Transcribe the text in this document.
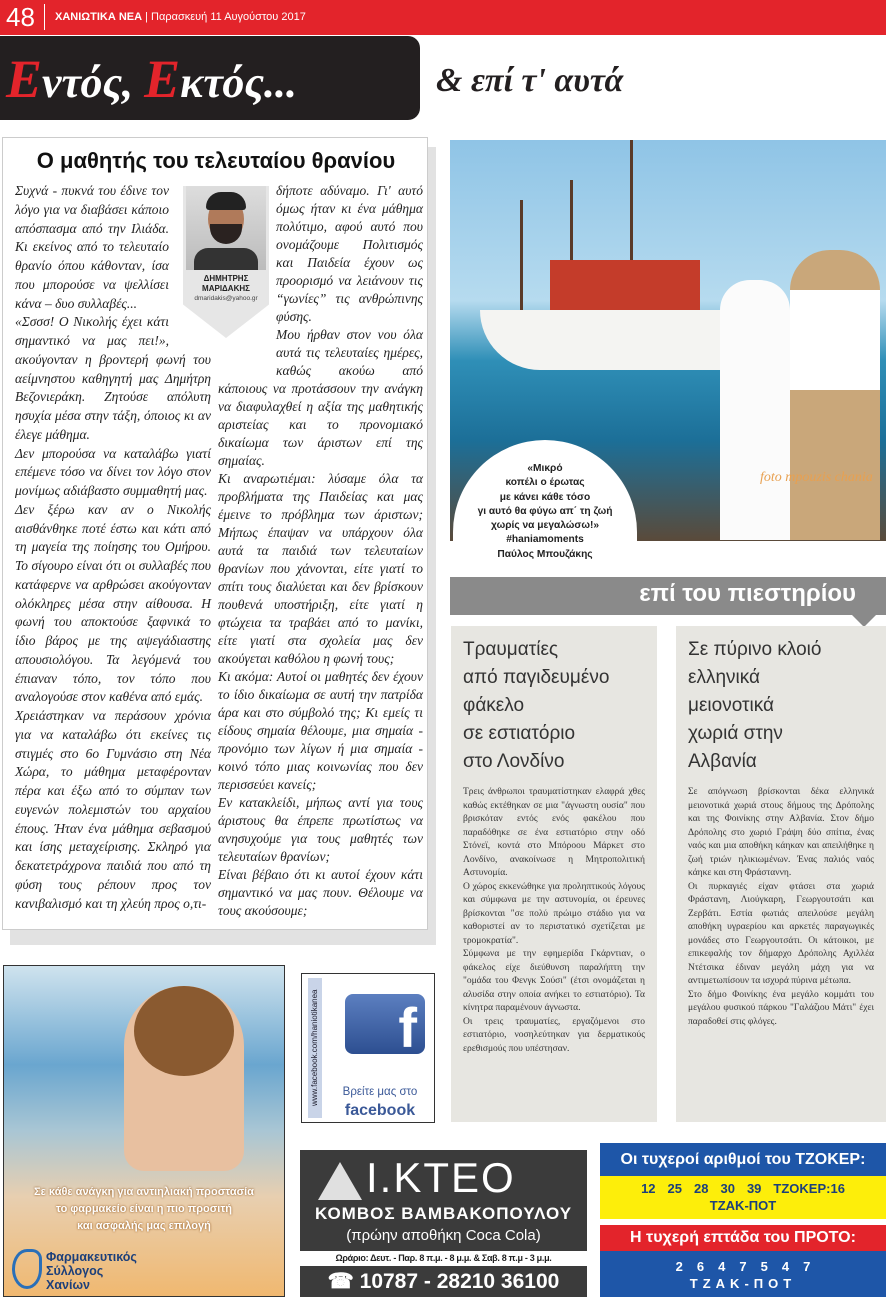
48 ΧΑΝΙΩΤΙΚΑ ΝΕΑ | Παρασκευή 11 Αυγούστου 2017
Εντός, Εκτός...	& επί τ' αυτά
Ο μαθητής του τελευταίου θρανίου
ΔΗΜΗΤΡΗΣ ΜΑΡΙΔΑΚΗΣ
dmaridakis@yahoo.gr

Συχνά - πυκνά του έδινε τον λόγο για να διαβάσει κάποιο απόσπασμα από την Ιλιάδα. Κι εκείνος από το τελευταίο θρανίο όπου κάθονταν, ίσα που μπορούσε να ψελλίσει κάνα – δυο συλλαβές...

«Σσσσ! Ο Νικολής έχει κάτι σημαντικό να μας πει!», ακούγονταν η βροντερή φωνή του αείμνηστου καθηγητή μας Δημήτρη Βεζονιεράκη. Ζητούσε απόλυτη ησυχία μέσα στην τάξη, όποιος κι αν έλεγε μάθημα.

Δεν μπορούσα να καταλάβω γιατί επέμενε τόσο να δίνει τον λόγο στον μονίμως αδιάβαστο συμμαθητή μας.

Δεν ξέρω καν αν ο Νικολής αισθάνθηκε ποτέ έστω και κάτι από τη μαγεία της ποίησης του Ομήρου. Το σίγουρο είναι ότι οι συλλαβές που κατάφερνε να αρθρώσει ακούγονταν ολόκληρες μέσα στην αίθουσα. Η φωνή του αποκτούσε ξαφνικά το ίδιο βάρος με της αψεγάδιαστης απουσιολόγου. Τα λεγόμενά του έπιαναν τόπο, τον τόπο που αναλογούσε στον καθένα από εμάς.

Χρειάστηκαν να περάσουν χρόνια για να καταλάβω ότι εκείνες τις στιγμές στο 6ο Γυμνάσιο στη Νέα Χώρα, το μάθημα μεταφέρονταν πέρα και έξω από το σύμπαν των ευγενών πολεμιστών του αρχαίου έπους. Ήταν ένα μάθημα σεβασμού και ίσης μεταχείρισης. Σκληρό για δεκατετράχρονα παιδιά που από τη φύση τους ρέπουν προς τον κανιβαλισμό και τη χλεύη προς ο,τι-

δήποτε αδύναμο. Γι' αυτό όμως ήταν κι ένα μάθημα πολύτιμο, αφού αυτό που ονομάζουμε Πολιτισμός και Παιδεία έχουν ως προορισμό να λειάνουν τις “γωνίες” τις ανθρώπινης φύσης.

Μου ήρθαν στον νου όλα αυτά τις τελευταίες ημέρες, καθώς ακούω από κάποιους να προτάσσουν την ανάγκη να διαφυλαχθεί η αξία της μαθητικής αριστείας και το προνομιακό δικαίωμα των άριστων επί της σημαίας.

Κι αναρωτιέμαι: λύσαμε όλα τα προβλήματα της Παιδείας και μας έμεινε το πρόβλημα των άριστων; Μήπως έπαψαν να υπάρχουν όλα αυτά τα παιδιά των τελευταίων θρανίων που χάνονται, είτε γιατί το σπίτι τους διαλύεται και δεν βρίσκουν πουθενά υποστήριξη, είτε γιατί η φτώχεια τα τραβάει από το μανίκι, είτε γιατί στα σχολεία μας δεν ακούγεται καθόλου η φωνή τους;

Κι ακόμα: Αυτοί οι μαθητές δεν έχουν το ίδιο δικαίωμα σε αυτή την πατρίδα άρα και στο σύμβολό της; Κι εμείς τι είδους σημαία θέλουμε, μια σημαία - προνόμιο των λίγων ή μια σημαία - κοινό τόπο μιας κοινωνίας που δεν περισσεύει κανείς;

Εν κατακλείδι, μήπως αντί για τους άριστους θα έπρεπε πρωτίστως να ανησυχούμε για τους μαθητές των τελευταίων θρανίων;

Είναι βέβαιο ότι κι αυτοί έχουν κάτι σημαντικό να μας πουν. Θέλουμε να τους ακούσουμε;

foto mpouzis chania
«Μικρό
κοπέλι ο έρωτας
με κάνει κάθε τόσο
γι αυτό θα φύγω απ΄ τη ζωή
χωρίς να μεγαλώσω!»
#haniamoments
Παύλος Μπουζάκης
επί του πιεστηρίου
Τραυματίες
από παγιδευμένο
φάκελο
σε εστιατόριο
στο Λονδίνο

Τρεις άνθρωποι τραυματίστηκαν ελαφρά χθες καθώς εκτέθηκαν σε μια "άγνωστη ουσία" που βρισκόταν εντός ενός φακέλου που παραδόθηκε σε ένα εστιατόριο στην οδό Στόνεϊ, κοντά στο Μπόρoου Μάρκετ στο Λονδίνο, ανακοίνωσε η Μητροπολιτική Αστυνομία.

Ο χώρος εκκενώθηκε για προληπτικούς λόγους και σύμφωνα με την αστυνομία, οι έρευνες βρίσκονται "σε πολύ πρώιμο στάδιο για να καθοριστεί αν το περιστατικό σχετίζεται με τρομοκρατία".

Σύμφωνα με την εφημερίδα Γκάρντιαν, ο φάκελος είχε διεύθυνση παραλήπτη την "ομάδα του Φενγκ Σούσι" (έτσι ονομάζεται η αλυσίδα στην οποία ανήκει το εστιατόριο). Τα κίνητρα παραμένουν άγνωστα.

Οι τρεις τραυματίες, εργαζόμενοι στο εστιατόριο, νοσηλεύτηκαν για δερματικούς ερεθισμούς που υπέστησαν.

Σε πύρινο κλοιό
ελληνικά
μειονοτικά
χωριά στην
Αλβανία

Σε απόγνωση βρίσκονται δέκα ελληνικά μειονοτικά χωριά στους δήμους της Δρόπολης και της Φοινίκης στην Αλβανία. Στον δήμο Δρόπολης στο χωριό Γράψη δύο σπίτια, ένας ναός και μια αποθήκη κάηκαν και απειλήθηκε η ζωή τριών ηλικιωμένων. Ένας παλιός ναός κάηκε και στη Φράσταννη.

Οι πυρκαγιές είχαν φτάσει στα χωριά Φράστανη, Λιούγκαρη, Γεωργουτσάτι και Ζερβάτι. Εστία φωτιάς απειλούσε μεγάλη αποθήκη υγραερίου και αρκετές παραγωγικές μονάδες στο Γεωργουτσάτι. Οι κάτοικοι, με επικεφαλής τον δήμαρχο Δρόπολης Αχιλλέα Ντέτσικα έδιναν μεγάλη μάχη για να αντιμετωπίσουν τα ισχυρά πύρινα μέτωπα.

Στο δήμο Φοινίκης ένα μεγάλο κομμάτι του μεγάλου φυσικού πάρκου "Γαλάζιου Μάτι" έχει παραδοθεί στις φλόγες.

Σε κάθε ανάγκη για αντιηλιακή προστασία
το φαρμακείο είναι η πιο προσιτή
και ασφαλής μας επιλογή
Φαρμακευτικός
Σύλλογος
Χανίων
www.facebook.com/haniotikanea	f
Βρείτε μας στο
facebook
Ι.ΚΤΕΟ
ΚΟΜΒΟΣ ΒΑΜΒΑΚΟΠΟΥΛΟΥ
(πρώην αποθήκη Coca Cola)
Ωράριο: Δευτ. - Παρ. 8 π.μ. - 8 μ.μ. & Σαβ. 8 π.μ - 3 μ.μ.
☎ 10787 - 28210 36100
Οι τυχεροί αριθμοί του ΤΖΟΚΕΡ:
12 25 28 30 39 ΤΖΟΚΕΡ:16
ΤΖΑΚ-ΠΟΤ
Η τυχερή επτάδα του ΠΡΟΤΟ:
2 6 4 7 5 4 7
ΤΖΑΚ-ΠΟΤ
